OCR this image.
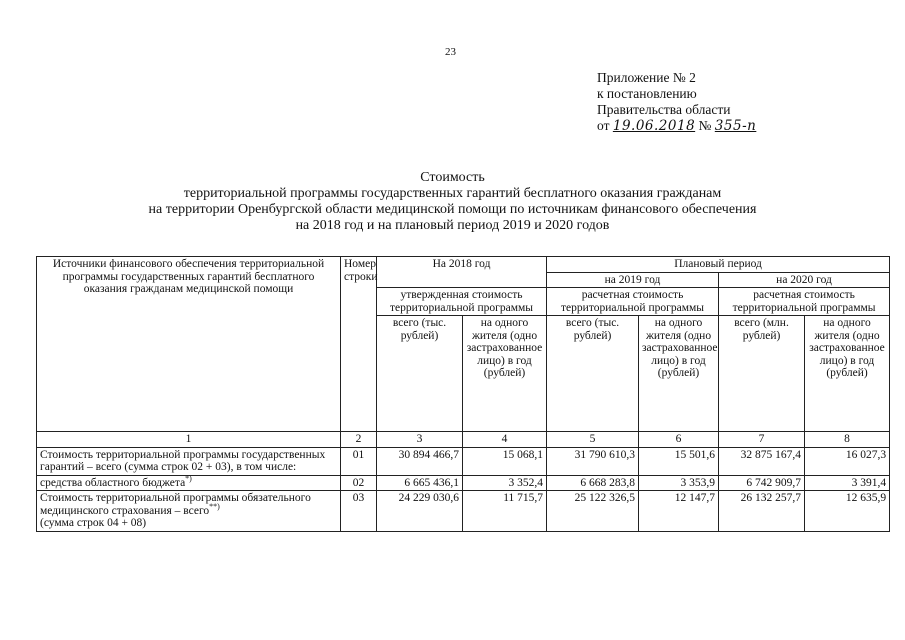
23
Приложение № 2
к постановлению
Правительства области
от 19.06.2018 № 355-п
Стоимость
территориальной программы государственных гарантий бесплатного оказания гражданам
на территории Оренбургской области медицинской помощи по источникам финансового обеспечения
на 2018 год и на плановый период 2019 и 2020 годов
Источники финансового обеспечения территориальной программы государственных гарантий бесплатного оказания гражданам медицинской помощи	Номер строки	На 2018 год		Плановый период			
				на 2019 год		на 2020 год	
		утвержденная стоимость территориальной программы		расчетная стоимость территориальной программы		расчетная стоимость территориальной программы	
		всего (тыс. рублей)	на одного жителя (одно застрахованное лицо) в год (рублей)	всего (тыс. рублей)	на одного жителя (одно застрахованное лицо) в год (рублей)	всего (млн. рублей)	на одного жителя (одно застрахованное лицо) в год (рублей)
1	2	3	4	5	6	7	8
Стоимость территориальной программы государственных гарантий – всего (сумма строк 02 + 03), в том числе:	01	30 894 466,7	15 068,1	31 790 610,3	15 501,6	32 875 167,4	16 027,3
средства областного бюджета*)	02	6 665 436,1	3 352,4	6 668 283,8	3 353,9	6 742 909,7	3 391,4
Стоимость территориальной программы обязательного медицинского страхования – всего**)
(сумма строк 04 + 08)	03	24 229 030,6	11 715,7	25 122 326,5	12 147,7	26 132 257,7	12 635,9
